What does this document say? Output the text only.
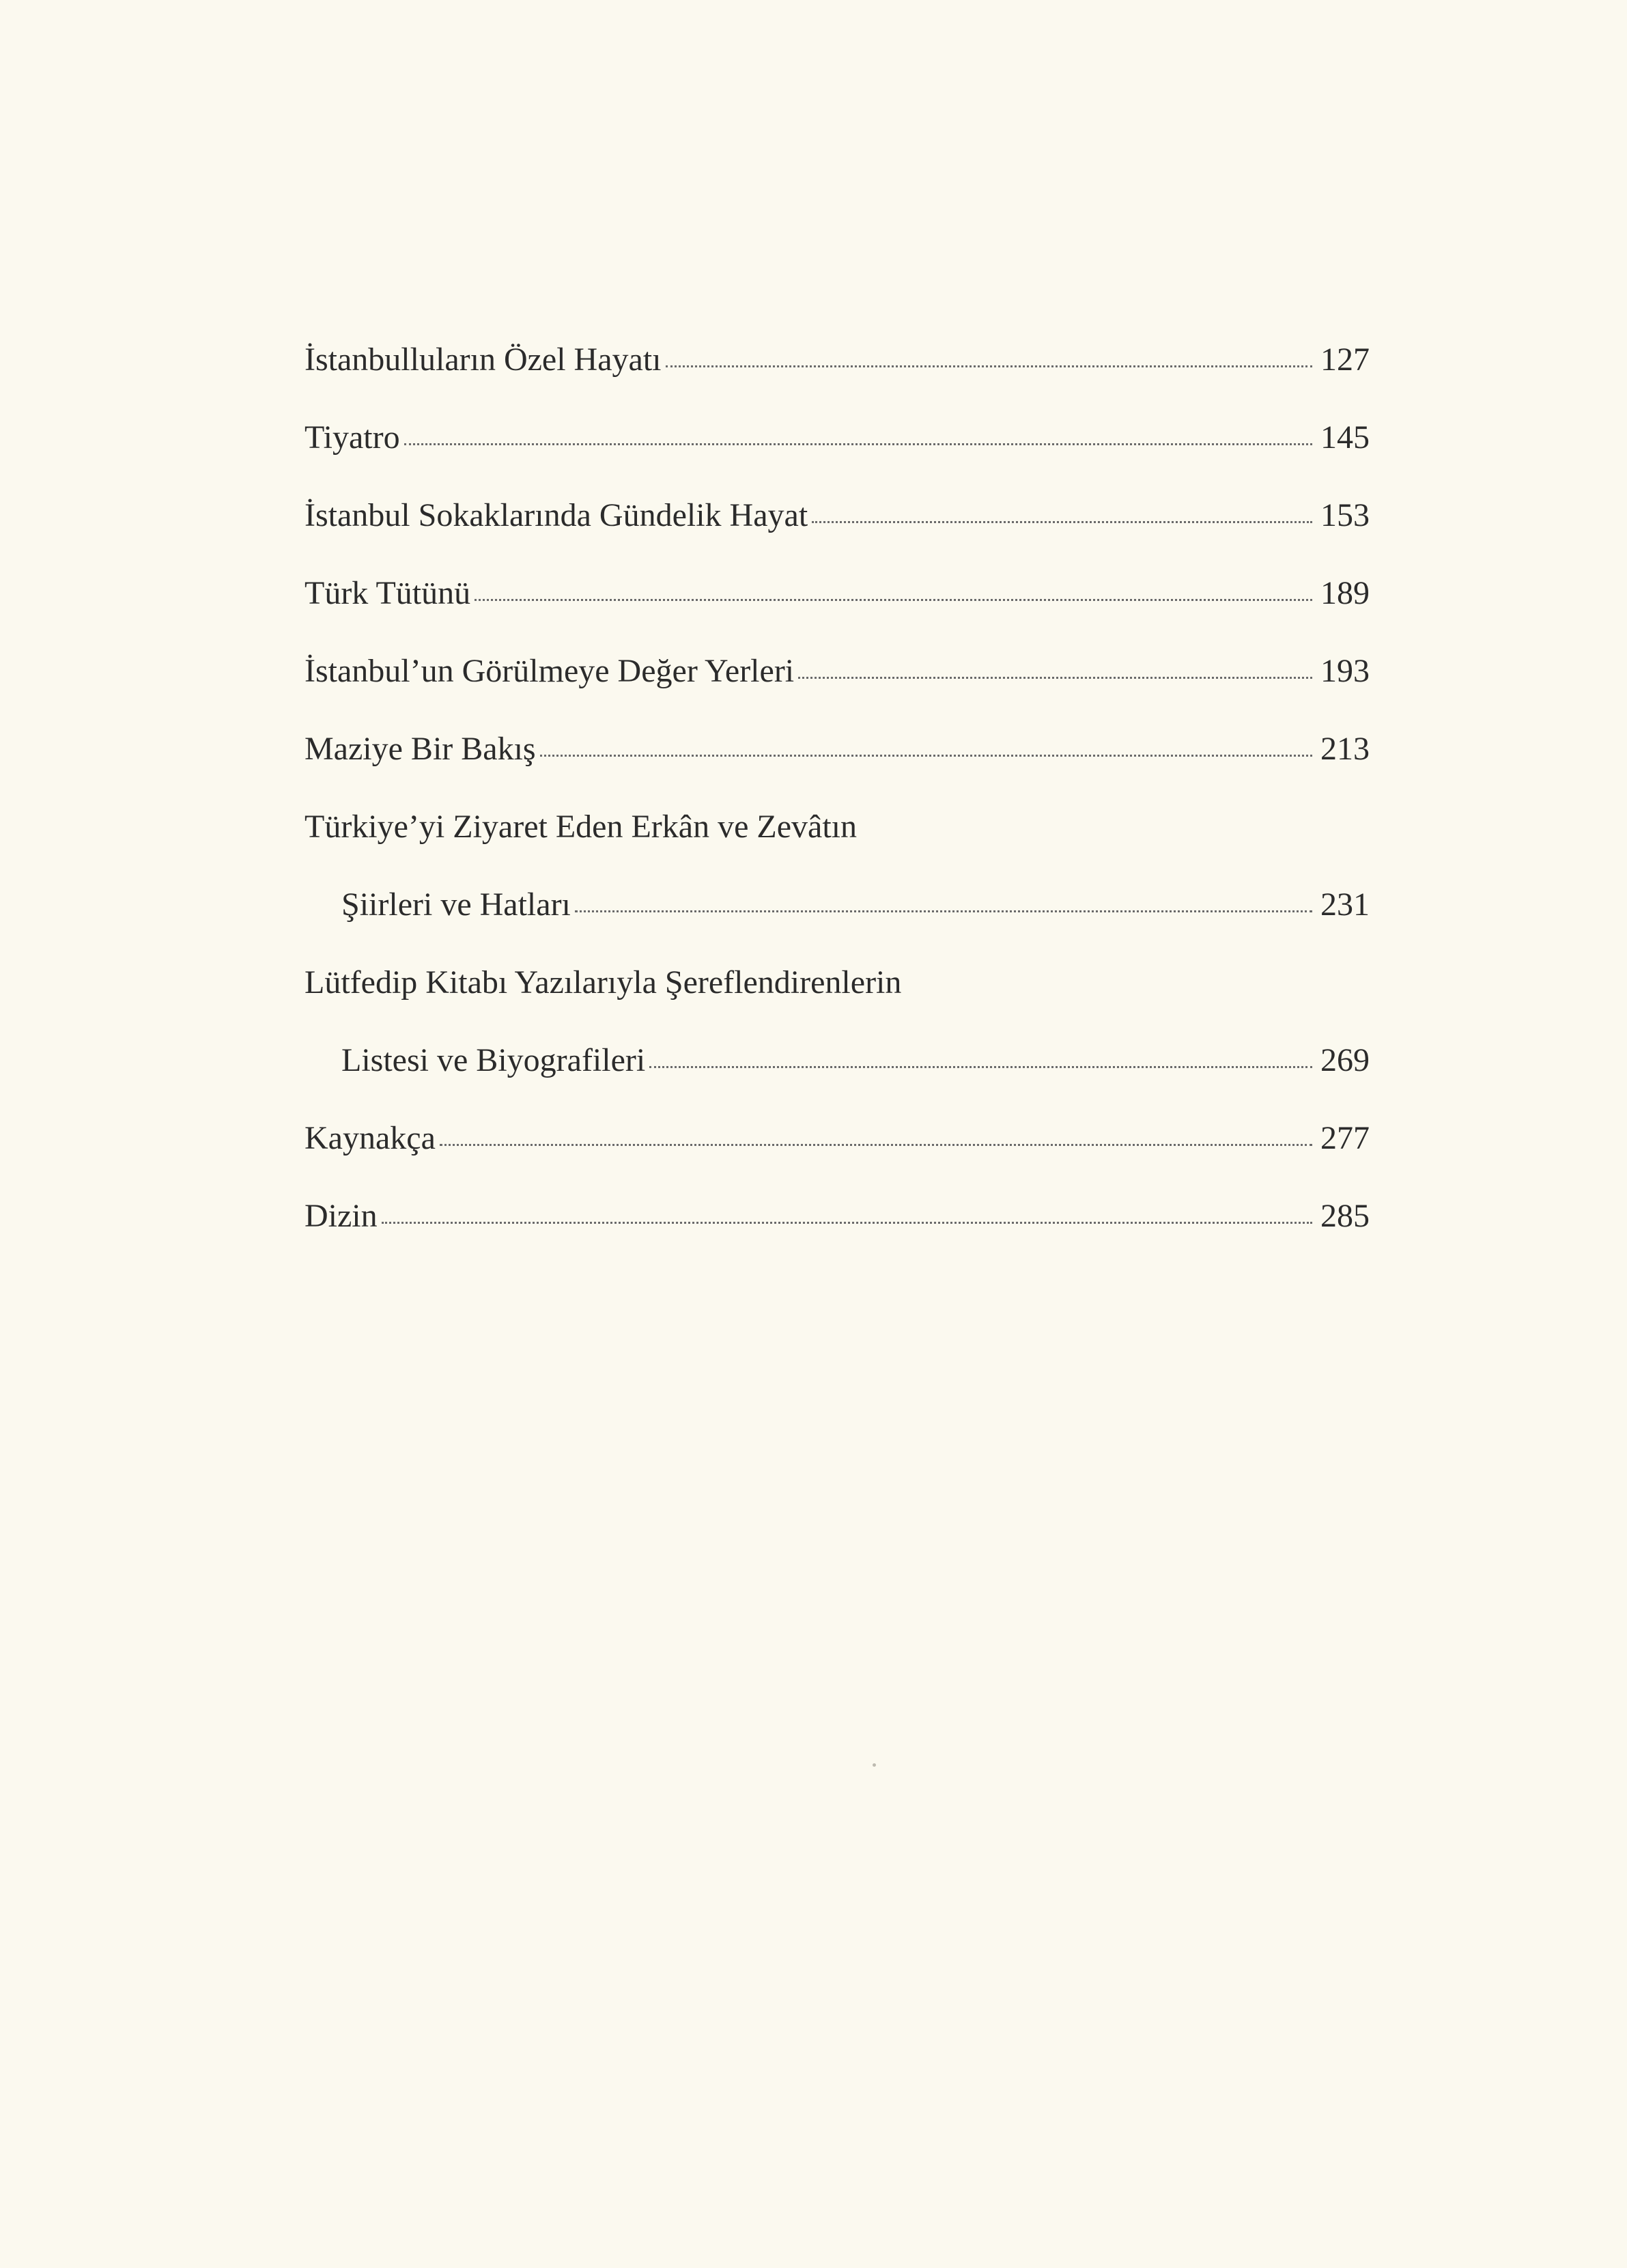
İstanbulluların Özel Hayatı	127
Tiyatro	145
İstanbul Sokaklarında Gündelik Hayat	153
Türk Tütünü	189
İstanbul’un Görülmeye Değer Yerleri	193
Maziye Bir Bakış	213
Türkiye’yi Ziyaret Eden Erkân ve Zevâtın
Şiirleri ve Hatları	231
Lütfedip Kitabı Yazılarıyla Şereflendirenlerin
Listesi ve Biyografileri	269
Kaynakça	277
Dizin	285
